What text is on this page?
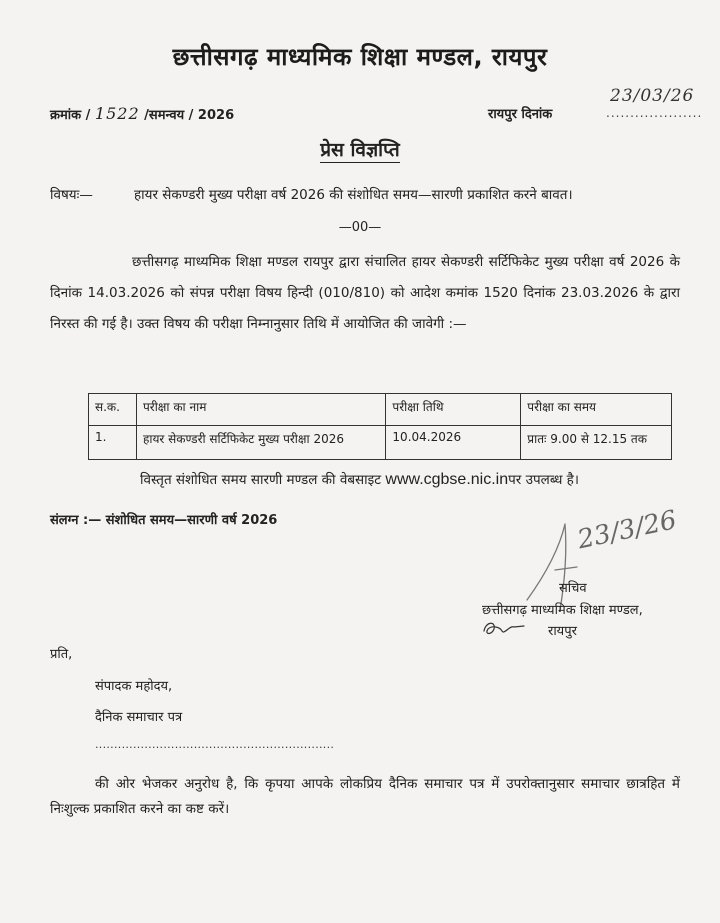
छत्तीसगढ़ माध्यमिक शिक्षा मण्डल, रायपुर
क्रमांक / 1522 /समन्वय / 2026	रायपुर दिनांक
23/03/26
....................
प्रेस विज्ञप्ति
विषयः—	हायर सेकण्डरी मुख्य परीक्षा वर्ष 2026 की संशोधित समय—सारणी प्रकाशित करने बावत।
—00—
छत्तीसगढ़ माध्यमिक शिक्षा मण्डल रायपुर द्वारा संचालित हायर सेकण्डरी सर्टिफिकेट मुख्य परीक्षा वर्ष 2026 के दिनांक 14.03.2026 को संपन्न परीक्षा विषय हिन्दी (010/810) को आदेश कमांक 1520 दिनांक 23.03.2026 के द्वारा निरस्त की गई है। उक्त विषय की परीक्षा निम्नानुसार तिथि में आयोजित की जावेगी :—
स.क.	परीक्षा का नाम	परीक्षा तिथि	परीक्षा का समय
1.	हायर सेकण्डरी सर्टिफिकेट मुख्य परीक्षा 2026	10.04.2026	प्रातः 9.00 से 12.15 तक
विस्तृत संशोधित समय सारणी मण्डल की वेबसाइट www.cgbse.nic.inपर उपलब्ध है।
संलग्न :— संशोधित समय—सारणी वर्ष 2026	23/3/26
सचिव
छत्तीसगढ़ माध्यमिक शिक्षा मण्डल,
रायपुर
प्रति,
संपादक महोदय,
दैनिक समाचार पत्र
...............................................................
की ओर भेजकर अनुरोध है, कि कृपया आपके लोकप्रिय दैनिक समाचार पत्र में उपरोक्तानुसार समाचार छात्रहित में निःशुल्क प्रकाशित करने का कष्ट करें।
